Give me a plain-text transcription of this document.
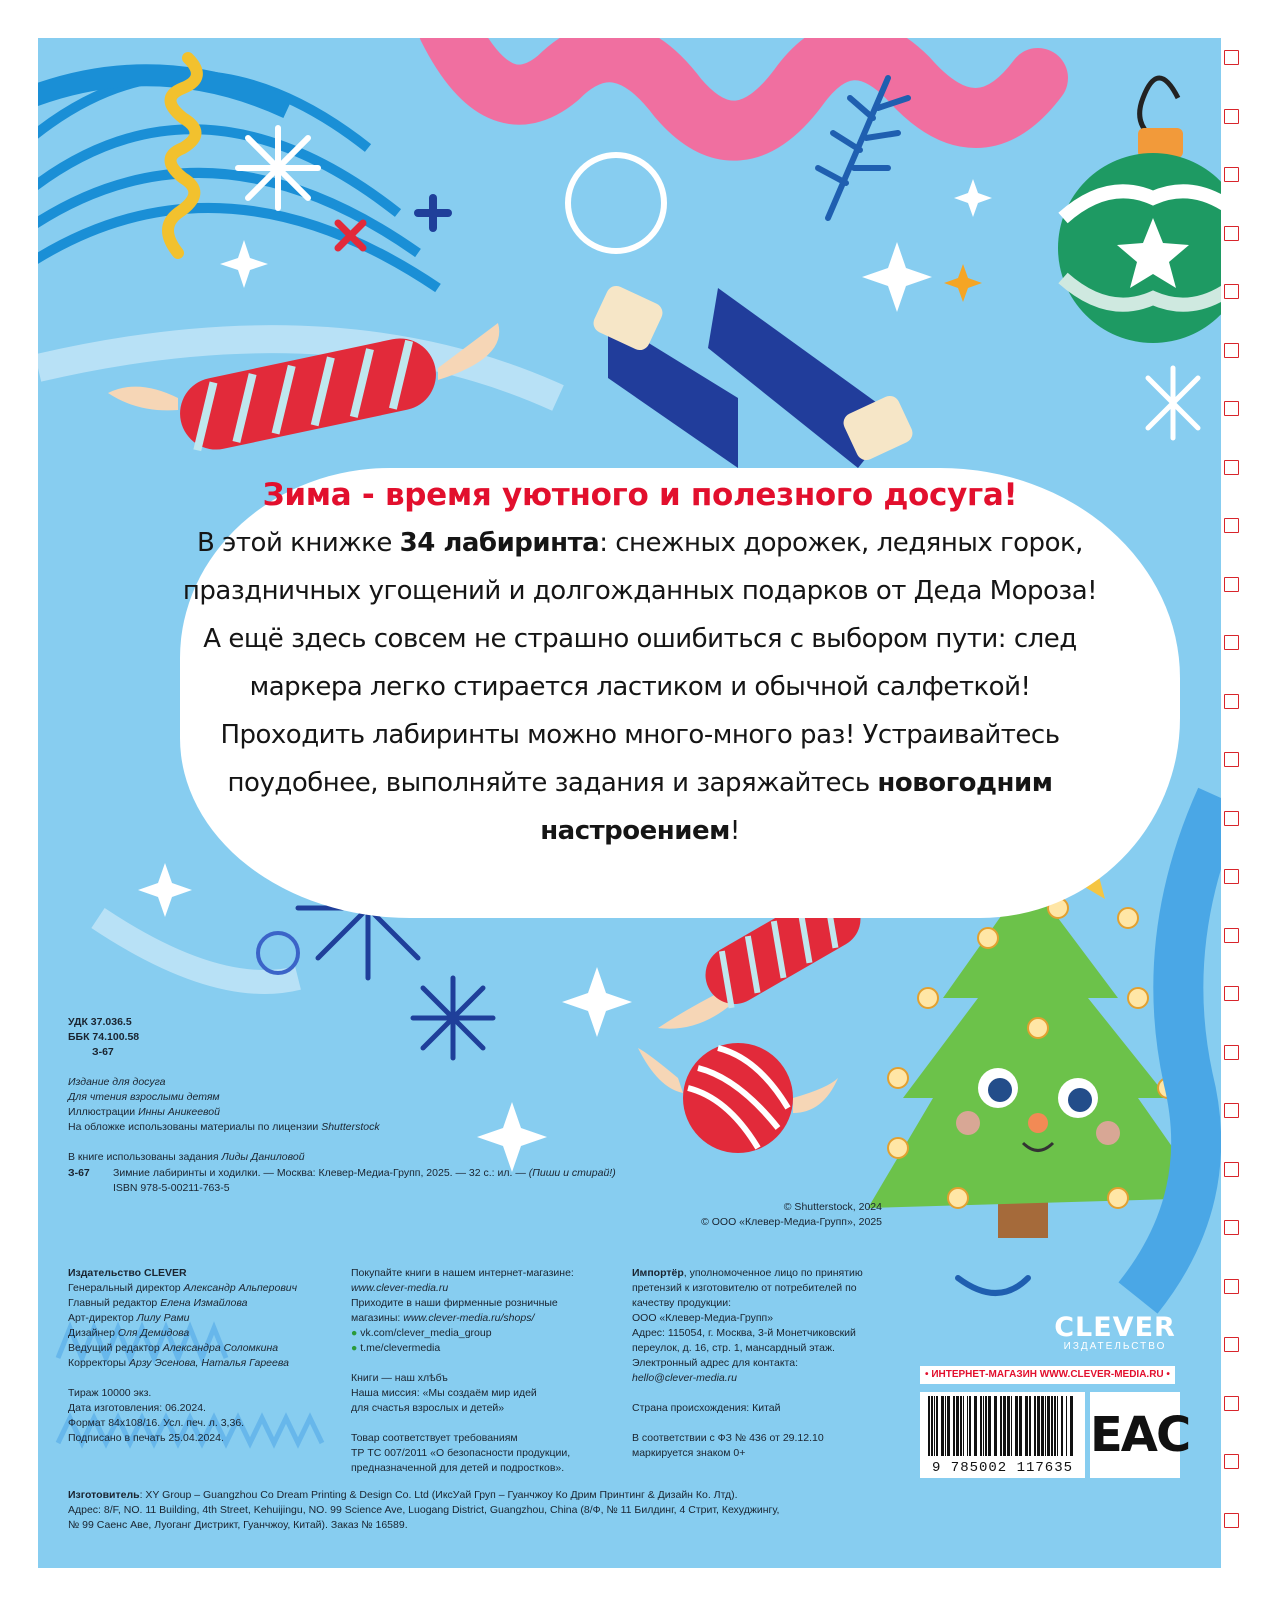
Зима - время уютного и полезного досуга!

В этой книжке 34 лабиринта: снежных дорожек, ледяных горок, праздничных угощений и долгожданных подарков от Деда Мороза!

А ещё здесь совсем не страшно ошибиться с выбором пути: след маркера легко стирается ластиком и обычной салфеткой!

Проходить лабиринты можно много-много раз! Устраивайтесь поудобнее, выполняйте задания и заряжайтесь новогодним настроением!

УДК 37.036.5
ББК 74.100.58
З-67
Издание для досуга
Для чтения взрослыми детям
Иллюстрации Инны Аникеевой
На обложке использованы материалы по лицензии Shutterstock
В книге использованы задания Лиды Даниловой
З-67 Зимние лабиринты и ходилки. — Москва: Клевер-Медиа-Групп, 2025. — 32 с.: ил. — (Пиши и стирай!)
ISBN 978-5-00211-763-5
© Shutterstock, 2024
© ООО «Клевер-Медиа-Групп», 2025
Издательство CLEVER
Генеральный директор Александр Альперович
Главный редактор Елена Измайлова
Арт-директор Лилу Рами
Дизайнер Оля Демидова
Ведущий редактор Александра Соломкина
Корректоры Арзу Эсенова, Наталья Гареева
Тираж 10000 экз.
Дата изготовления: 06.2024.
Формат 84x108/16. Усл. печ. л. 3,36.
Подписано в печать 25.04.2024.
Покупайте книги в нашем интернет-магазине:
www.clever-media.ru
Приходите в наши фирменные розничные
магазины: www.clever-media.ru/shops/
● vk.com/clever_media_group
● t.me/clevermedia
Книги — наш хлѣбъ
Наша миссия: «Мы создаём мир идей
для счастья взрослых и детей»
Товар соответствует требованиям
ТР ТС 007/2011 «О безопасности продукции,
предназначенной для детей и подростков».
Импортёр, уполномоченное лицо по принятию
претензий к изготовителю от потребителей по
качеству продукции:
ООО «Клевер-Медиа-Групп»
Адрес: 115054, г. Москва, 3-й Монетчиковский
переулок, д. 16, стр. 1, мансардный этаж.
Электронный адрес для контакта:
hello@clever-media.ru
Страна происхождения: Китай
В соответствии с ФЗ № 436 от 29.12.10
маркируется знаком 0+
Изготовитель: XY Group – Guangzhou Co Dream Printing & Design Co. Ltd (ИксУай Груп – Гуанчжоу Ко Дрим Принтинг & Дизайн Ко. Лтд).
Адрес: 8/F, NO. 11 Building, 4th Street, Kehuijingu, NO. 99 Science Ave, Luogang District, Guangzhou, China (8/Ф, № 11 Билдинг, 4 Стрит, Кехуджингу,
№ 99 Саенс Аве, Луоганг Дистрикт, Гуанчжоу, Китай). Заказ № 16589.
CLEVER
ИЗДАТЕЛЬСТВО
• ИНТЕРНЕТ-МАГАЗИН WWW.CLEVER-MEDIA.RU •
9 785002 117635
EAC
